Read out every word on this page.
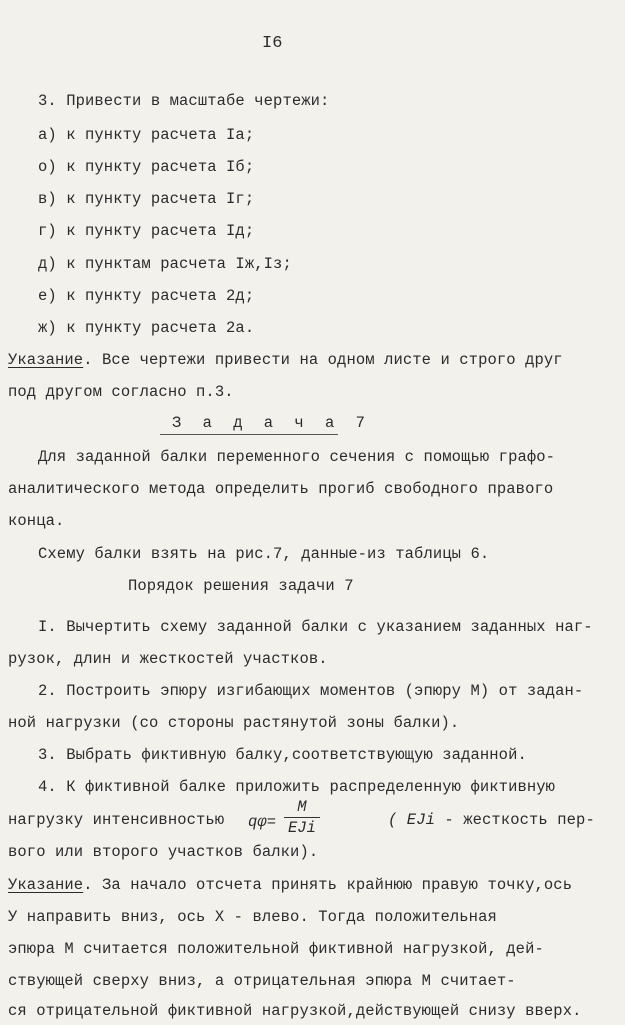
I6
3. Привести в масштабе чертежи:
а) к пункту расчета Iа;
о) к пункту расчета Iб;
в) к пункту расчета Iг;
г) к пункту расчета Iд;
д) к пунктам расчета Iж,Iз;
е) к пункту расчета 2д;
ж) к пункту расчета 2а.
Указание. Все чертежи привести на одном листе и строго друг
под другом согласно п.3.
З а д а ч а 7
Для заданной балки переменного сечения с помощью графо-
аналитического метода определить прогиб свободного правого
конца.
Схему балки взять на рис.7, данные-из таблицы 6.
Порядок решения задачи 7
I. Вычертить схему заданной балки с указанием заданных наг-
рузок, длин и жесткостей участков.
2. Построить эпюру изгибающих моментов (эпюру М) от задан-
ной нагрузки (со стороны растянутой зоны балки).
3. Выбрать фиктивную балку,соответствующую заданной.
4. К фиктивной балке приложить распределенную фиктивную
нагрузку интенсивностью qφ=
M
EJi	( EJi - жесткость пер-
вого или второго участков балки).
Указание. За начало отсчета принять крайнюю правую точку,ось
У направить вниз, ось Х - влево. Тогда положительная
эпюра М считается положительной фиктивной нагрузкой, дей-
ствующей сверху вниз, а отрицательная эпюра М считает-
ся отрицательной фиктивной нагрузкой,действующей снизу вверх.
